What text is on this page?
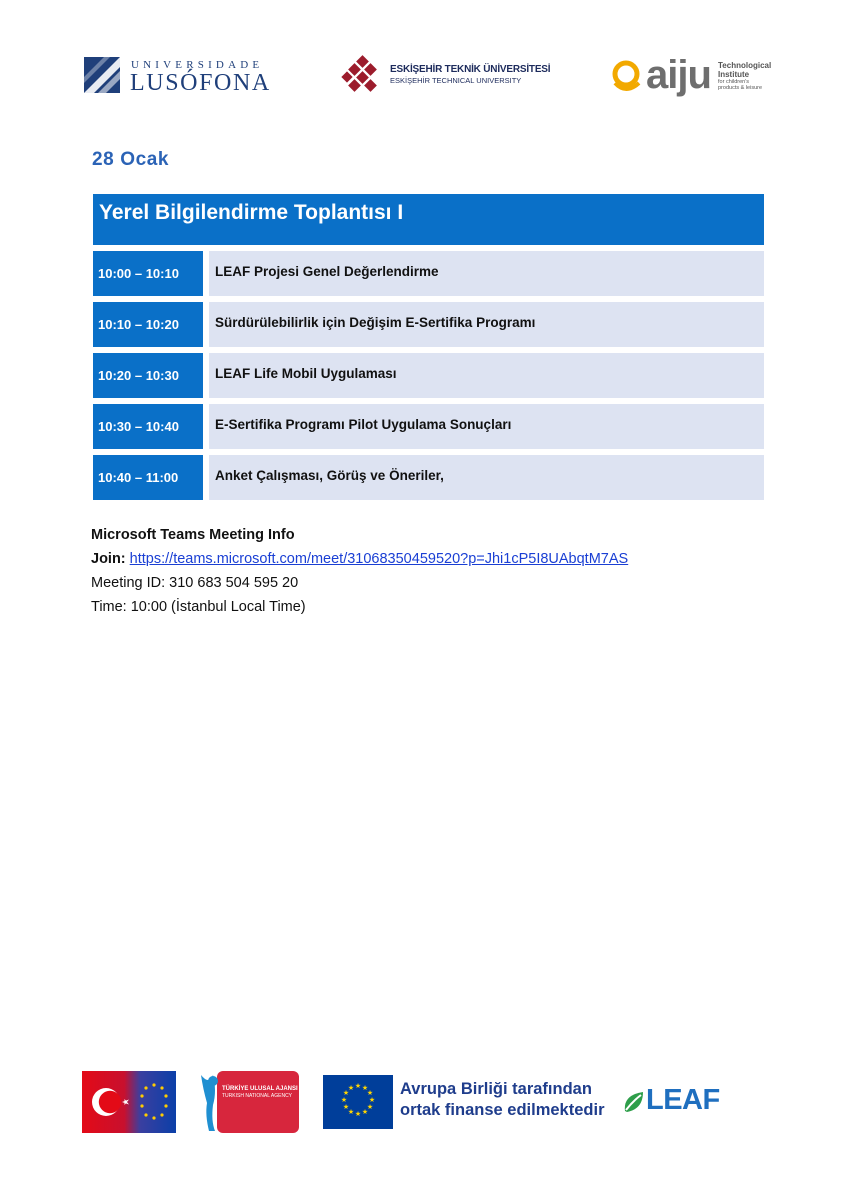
UNIVERSIDADE
LUSÓFONA
ESKİŞEHİR TEKNİK ÜNİVERSİTESİ
ESKİŞEHİR TECHNICAL UNIVERSITY	aiju Technological
Institute
for children's
products & leisure
28 Ocak
Yerel Bilgilendirme Toplantısı I
10:00 – 10:10	LEAF Projesi Genel Değerlendirme
10:10 – 10:20	Sürdürülebilirlik için Değişim E-Sertifika Programı
10:20 – 10:30	LEAF Life Mobil Uygulaması
10:30 – 10:40	E-Sertifika Programı Pilot Uygulama Sonuçları
10:40 – 11:00	Anket Çalışması, Görüş ve Öneriler,
Microsoft Teams Meeting Info
Join: https://teams.microsoft.com/meet/31068350459520?p=Jhi1cP5I8UAbqtM7AS
Meeting ID: 310 683 504 595 20
Time: 10:00 (İstanbul Local Time)
TÜRKİYE ULUSAL AJANSI
TURKISH NATIONAL AGENCY
★ ★
★
★
★
★
★
★
★
★
★
★	Avrupa Birliği tarafından
ortak finanse edilmektedir LEAF
